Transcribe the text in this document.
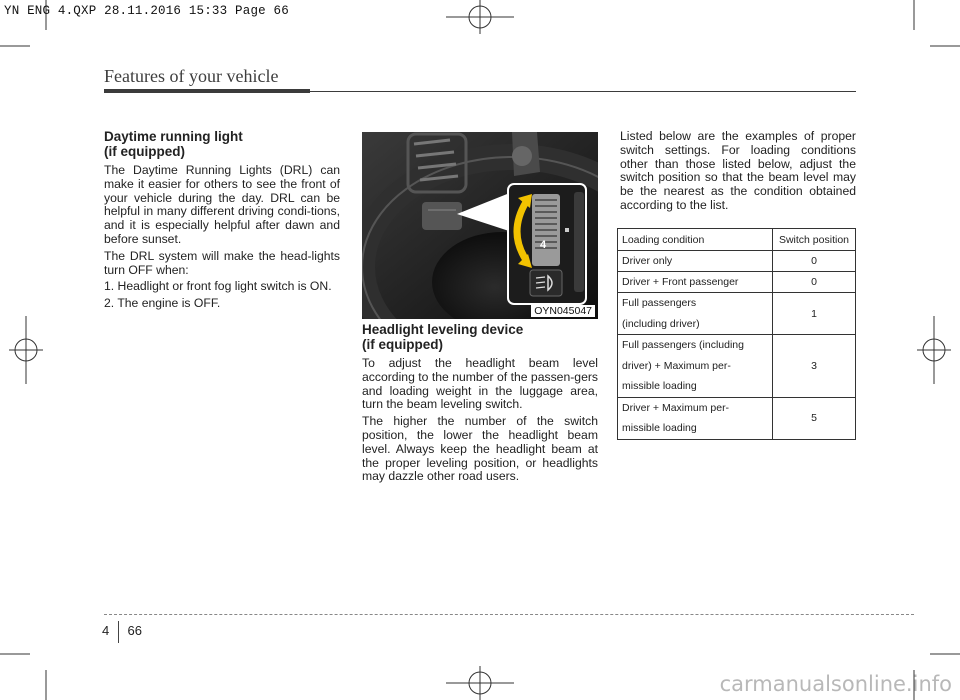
YN ENG 4.QXP 28.11.2016 15:33 Page 66
Features of your vehicle
Daytime running light
(if equipped)

The Daytime Running Lights (DRL) can make it easier for others to see the front of your vehicle during the day. DRL can be helpful in many different driving condi-tions, and it is especially helpful after dawn and before sunset.

The DRL system will make the head-lights turn OFF when:

1. Headlight or front fog light switch is ON.

2. The engine is OFF.

4
OYN045047
Headlight leveling device
(if equipped)

To adjust the headlight beam level according to the number of the passen-gers and loading weight in the luggage area, turn the beam leveling switch.

The higher the number of the switch position, the lower the headlight beam level. Always keep the headlight beam at the proper leveling position, or headlights may dazzle other road users.

Listed below are the examples of proper switch settings. For loading conditions other than those listed below, adjust the switch position so that the beam level may be the nearest as the condition obtained according to the list.
Loading condition	Switch position
Driver only	0
Driver + Front passenger	0

Full passengers
(including driver)	1

Full passengers (including
driver) + Maximum per-
missible loading	3

Driver + Maximum per-
missible loading	5
4 66
carmanualsonline.info
